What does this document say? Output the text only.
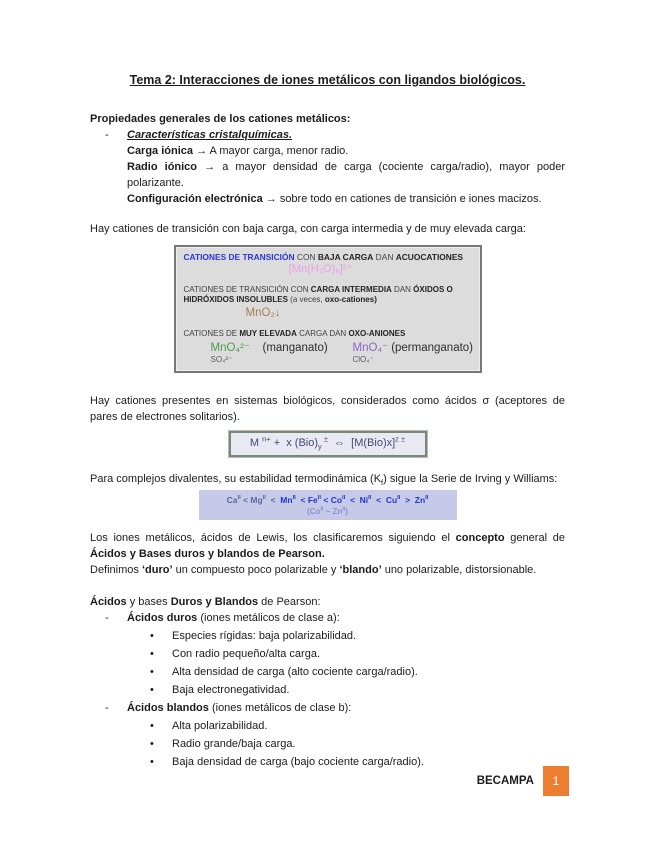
Tema 2: Interacciones de iones metálicos con ligandos biológicos.

Propiedades generales de los cationes metálicos:

-	Características cristalquímicas.

Carga iónica → A mayor carga, menor radio.

Radio iónico → a mayor densidad de carga (cociente carga/radio), mayor poder polarizante.

Configuración electrónica → sobre todo en cationes de transición e iones macizos.

Hay cationes de transición con baja carga, con carga intermedia y de muy elevada carga:

CATIONES DE TRANSICIÓN CON BAJA CARGA DAN ACUOCATIONES
[Mn(H₂O)₆]²⁺
CATIONES DE TRANSICIÓN CON CARGA INTERMEDIA DAN ÓXIDOS O HIDRÓXIDOS INSOLUBLES (a veces, oxo-cationes)
MnO₂↓
CATIONES DE MUY ELEVADA CARGA DAN OXO-ANIONES
MnO₄²⁻	(manganato)	MnO₄⁻ (permanganato)
SO₄²⁻	ClO₄⁻

Hay cationes presentes en sistemas biológicos, considerados como ácidos σ (aceptores de pares de electrones solitarios).

M $^{n+}$ +  x $(Bio)_y$ ±  ⇔  $[M(Bio)x]^{z \pm}$

Para complejos divalentes, su estabilidad termodinámica $(K_f)$ sigue la Serie de Irving y Williams:

$Ca^{II} < Mg^{II} < Mn^{II} < Fe^{II} < Co^{II} < Ni^{II} < Cu^{II} > Zn^{II}$
($Co^{II}$ ~ $Zn^{II}$)

Los iones metálicos, ácidos de Lewis, los clasificaremos siguiendo el concepto general de Ácidos y Bases duros y blandos de Pearson.

Definimos ‘duro’ un compuesto poco polarizable y ‘blando’ uno polarizable, distorsionable.

Ácidos y bases Duros y Blandos de Pearson:

-	Ácidos duros (iones metálicos de clase a):
•	Especies rígidas: baja polarizabilidad.
•	Con radio pequeño/alta carga.
•	Alta densidad de carga (alto cociente carga/radio).
•	Baja electronegatividad.
-	Ácidos blandos (iones metálicos de clase b):
•	Alta polarizabilidad.
•	Radio grande/baja carga.
•	Baja densidad de carga (bajo cociente carga/radio).
BECAMPA	1
